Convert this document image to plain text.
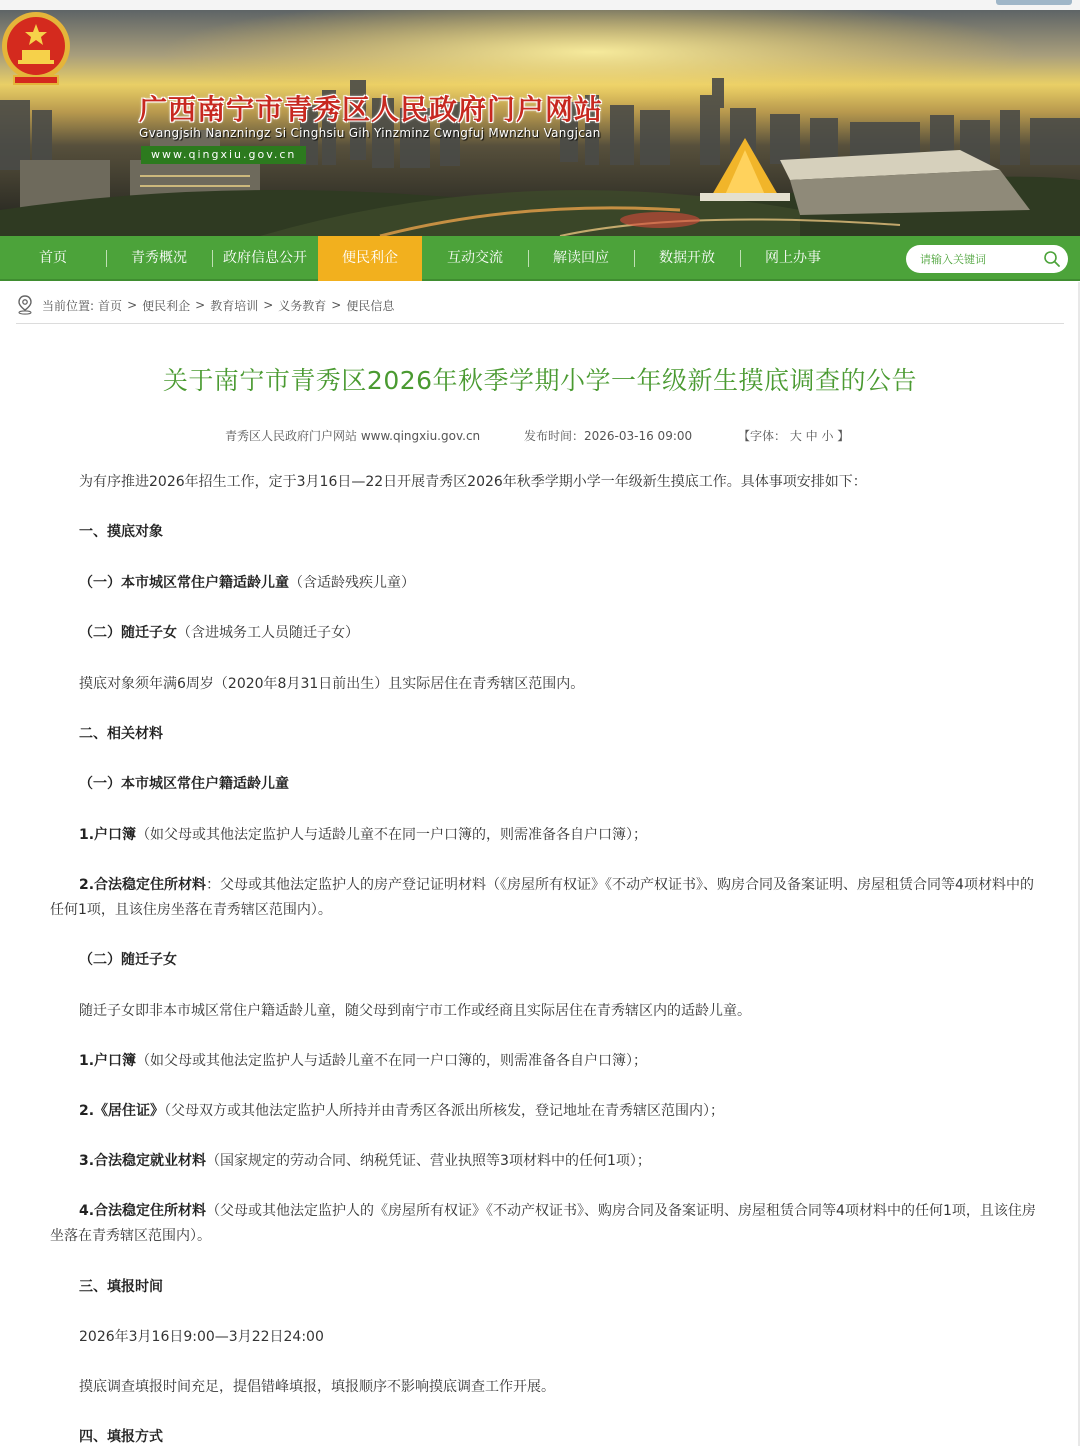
广西南宁市青秀区人民政府门户网站
Gvangjsih Nanzningz Si Cinghsiu Gih Yinzminz Cwngfuj Mwnzhu Vangjcan
www.qingxiu.gov.cn
首页	青秀概况	政府信息公开	便民利企	互动交流	解读回应	数据开放	网上办事
请输入关键词
当前位置: 首页 > 便民利企 > 教育培训 > 义务教育 > 便民信息
关于南宁市青秀区2026年秋季学期小学一年级新生摸底调查的公告
青秀区人民政府门户网站 www.qingxiu.gov.cn	发布时间：2026-03-16 09:00	【字体： 大 中 小 】
为有序推进2026年招生工作，定于3月16日—22日开展青秀区2026年秋季学期小学一年级新生摸底工作。具体事项安排如下：
一、摸底对象
（一）本市城区常住户籍适龄儿童（含适龄残疾儿童）
（二）随迁子女（含进城务工人员随迁子女）
摸底对象须年满6周岁（2020年8月31日前出生）且实际居住在青秀辖区范围内。
二、相关材料
（一）本市城区常住户籍适龄儿童
1.户口簿（如父母或其他法定监护人与适龄儿童不在同一户口簿的，则需准备各自户口簿）；
2.合法稳定住所材料：父母或其他法定监护人的房产登记证明材料（《房屋所有权证》《不动产权证书》、购房合同及备案证明、房屋租赁合同等4项材料中的任何1项，且该住房坐落在青秀辖区范围内）。
（二）随迁子女
随迁子女即非本市城区常住户籍适龄儿童，随父母到南宁市工作或经商且实际居住在青秀辖区内的适龄儿童。
1.户口簿（如父母或其他法定监护人与适龄儿童不在同一户口簿的，则需准备各自户口簿）；
2.《居住证》（父母双方或其他法定监护人所持并由青秀区各派出所核发，登记地址在青秀辖区范围内）；
3.合法稳定就业材料（国家规定的劳动合同、纳税凭证、营业执照等3项材料中的任何1项）；
4.合法稳定住所材料（父母或其他法定监护人的《房屋所有权证》《不动产权证书》、购房合同及备案证明、房屋租赁合同等4项材料中的任何1项，且该住房坐落在青秀辖区范围内）。
三、填报时间
2026年3月16日9:00—3月22日24:00
摸底调查填报时间充足，提倡错峰填报，填报顺序不影响摸底调查工作开展。
四、填报方式
